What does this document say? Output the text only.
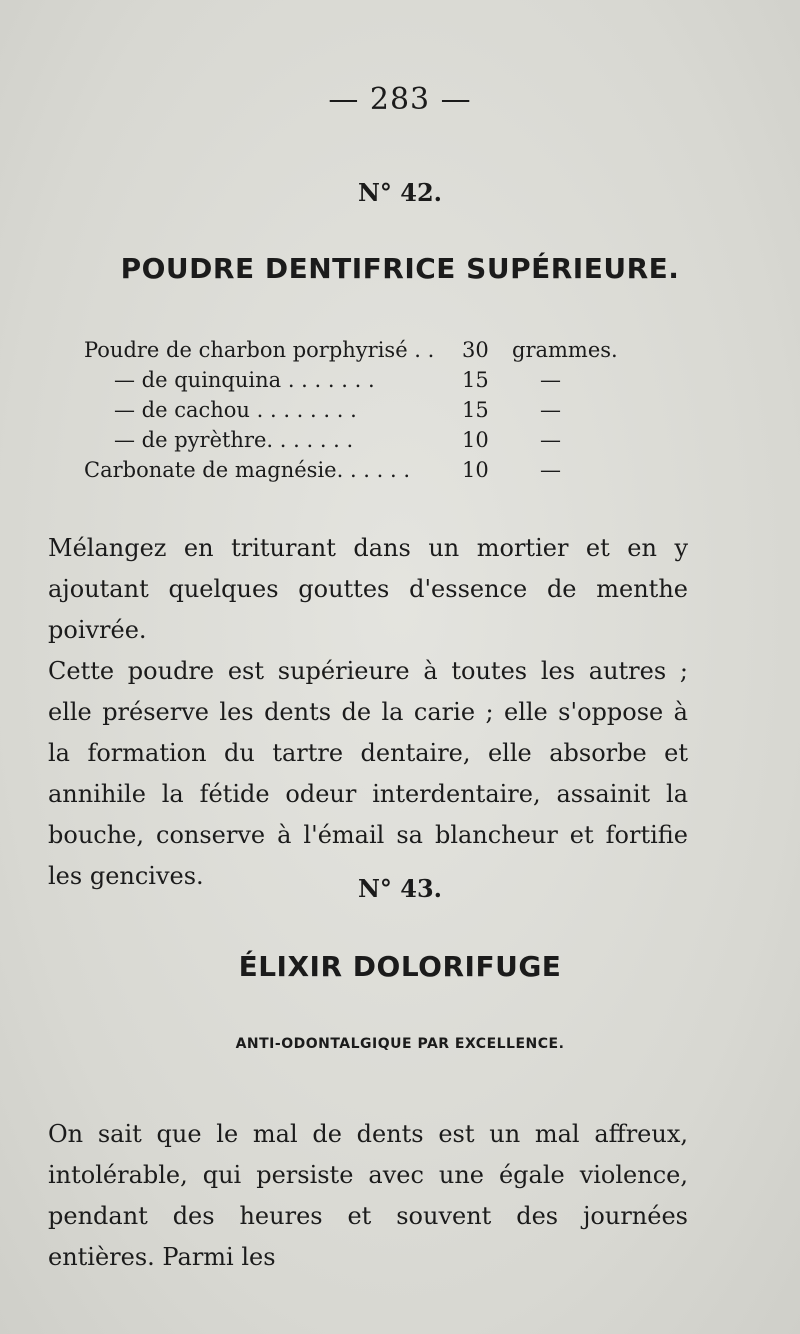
— 283 —
N° 42.
POUDRE DENTIFRICE SUPÉRIEURE.
Poudre de charbon porphyrisé . . 30 grammes.
— de quinquina . . . . . . .	15 —
— de cachou . . . . . . . .	15 —
— de pyrèthre. . . . . . .	10 —
Carbonate de magnésie. . . . . . 10 —

Mélangez en triturant dans un mortier et en y ajoutant quelques gouttes d'essence de menthe poivrée.

Cette poudre est supérieure à toutes les autres ; elle préserve les dents de la carie ; elle s'oppose à la formation du tartre dentaire, elle absorbe et annihile la fétide odeur interdentaire, assainit la bouche, conserve à l'émail sa blancheur et fortifie les gencives.	N° 43.
ÉLIXIR DOLORIFUGE
ANTI-ODONTALGIQUE PAR EXCELLENCE.

On sait que le mal de dents est un mal affreux, intolérable, qui persiste avec une égale violence, pendant des heures et souvent des journées entières. Parmi les
